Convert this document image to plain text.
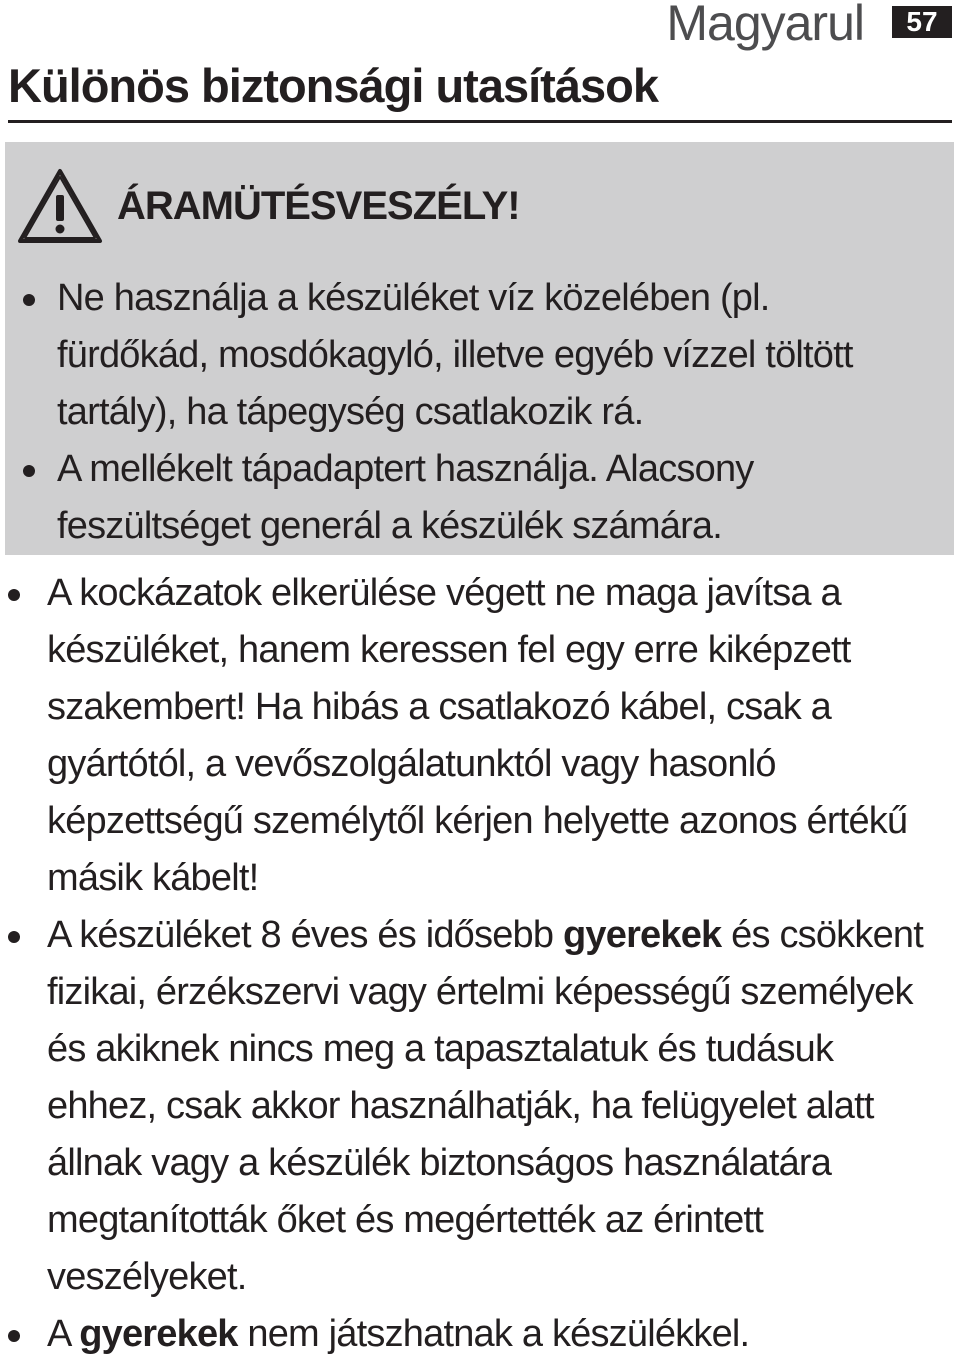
Magyarul	57
Különös biztonsági utasítások
ÁRAMÜTÉSVESZÉLY!
Ne használja a készüléket víz közelében (pl. fürdőkád, mosdókagyló, illetve egyéb vízzel töltött tartály), ha tápegység csatlakozik rá.
A mellékelt tápadaptert használja. Alacsony feszültséget generál a készülék számára.
A kockázatok elkerülése végett ne maga javítsa a készüléket, hanem keressen fel egy erre kiképzett szakembert! Ha hibás a csatlakozó kábel, csak a gyártótól, a vevőszolgálatunktól vagy hasonló képzettségű személytől kérjen helyette azonos értékű másik kábelt!
A készüléket 8 éves és idősebb gyerekek és csökkent fizikai, érzékszervi vagy értelmi képességű személyek és akiknek nincs meg a tapasztalatuk és tudásuk ehhez, csak akkor használhatják, ha felügyelet alatt állnak vagy a készülék biztonságos használatára megtanították őket és megértették az érintett veszélyeket.
A gyerekek nem játszhatnak a készülékkel.
